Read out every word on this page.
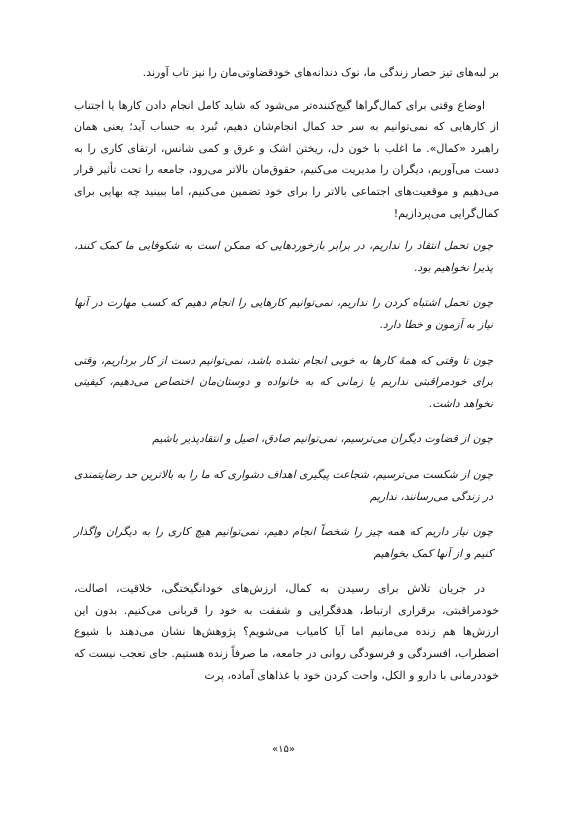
بر لبه‌های تیز حصار زندگی ما، نوک دندانه‌های خودقضاوتی‌مان را نیز تاب آورند.

اوضاع وقتی برای کمال‌گراها گیج‌کننده‌تر می‌شود که شاید کامل انجام دادن کارها یا اجتناب از کارهایی که نمی‌توانیم به سر حد کمال انجام‌شان دهیم، نُبرد به حساب آید؛ یعنی همان راهبرد «کمال». ما اغلب با خون دل، ریختن اشک و عرق و کمی شانس، ارتقای کاری را به دست می‌آوریم، دیگران را مدیریت می‌کنیم، حقوق‌مان بالاتر می‌رود، جامعه را تحت تأثیر قرار می‌دهیم و موقعیت‌های اجتماعی بالاتر را برای خود تضمین می‌کنیم، اما ببینید چه بهایی برای کمال‌گرایی می‌پردازیم!

چون تحمل انتقاد را نداریم، در برابر بازخوردهایی که ممکن است به شکوفایی ما کمک کنند، پذیرا نخواهیم بود.

چون تحمل اشتباه کردن را نداریم، نمی‌توانیم کارهایی را انجام دهیم که کسب مهارت در آنها نیاز به آزمون و خطا دارد.

چون تا وقتی که همهٔ کارها به خوبی انجام نشده باشد، نمی‌توانیم دست از کار برداریم، وقتی برای خودمراقبتی نداریم یا زمانی که به خانواده و دوستان‌مان اختصاص می‌دهیم، کیفیتی نخواهد داشت.

چون از قضاوت دیگران می‌ترسیم، نمی‌توانیم صادق، اصیل و انتقادپذیر باشیم

چون از شکست می‌ترسیم، شجاعت پیگیری اهداف دشواری که ما را به بالاترین حد رضایتمندی در زندگی می‌رسانند، نداریم

چون نیاز داریم که همه چیز را شخصاً انجام دهیم، نمی‌توانیم هیچ کاری را به دیگران واگذار کنیم و از آنها کمک بخواهیم

در جریان تلاش برای رسیدن به کمال، ارزش‌های خودانگیختگی، خلاقیت، اصالت، خودمراقبتی، برقراری ارتباط، هدفگرایی و شفقت به خود را قربانی می‌کنیم. بدون این ارزش‌ها هم زنده می‌مانیم اما آیا کامیاب می‌شویم؟ پژوهش‌ها نشان می‌دهند با شیوع اضطراب، افسردگی و فرسودگی روانی در جامعه، ما صرفاً زنده هستیم. جای تعجب نیست که خوددرمانی با دارو و الکل، واحت کردن خود با غذاهای آماده، پرت

«۱۵»
